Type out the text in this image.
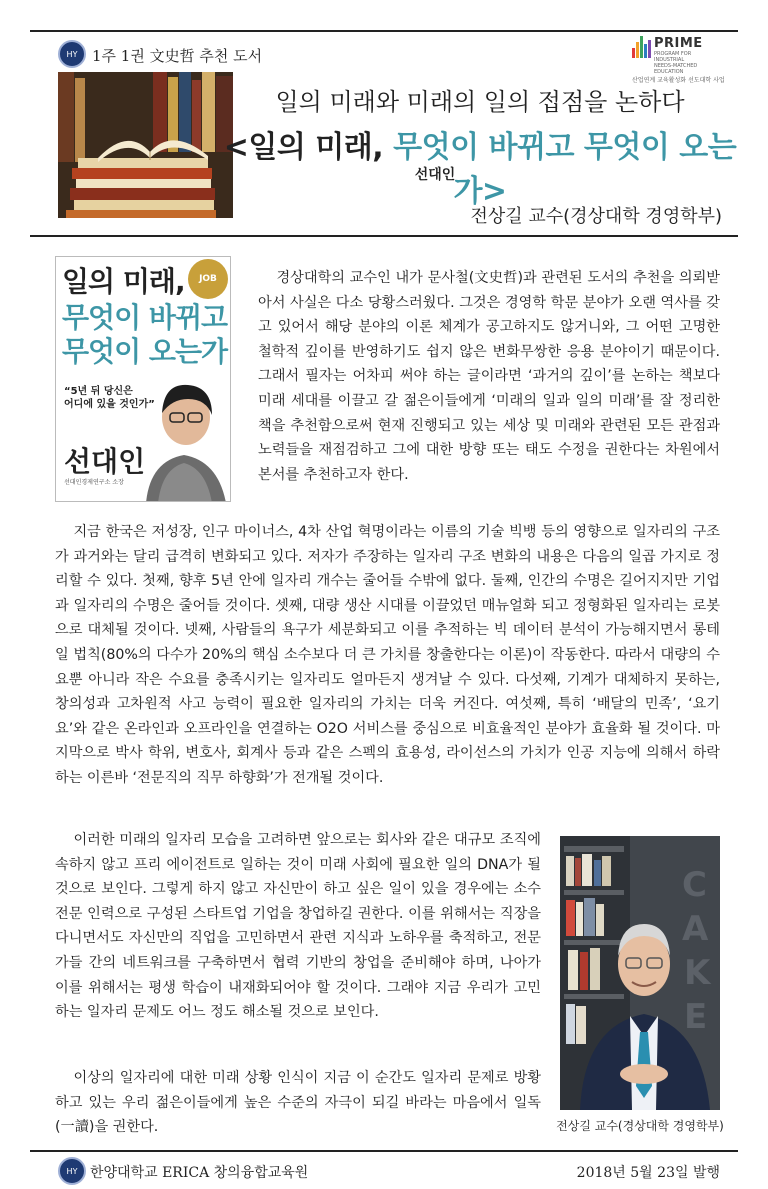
HY 1주 1권 文史哲 추천 도서
PRIME
PROGRAM FOR INDUSTRIAL NEEDS-MATCHED EDUCATION
산업연계 교육활성화 선도대학 사업
일의 미래와 미래의 일의 접점을 논하다
<일의 미래, 무엇이 바뀌고 무엇이 오는가>
선대인
전상길 교수(경상대학 경영학부)
일의 미래,
무엇이 바뀌고
무엇이 오는가
JOB
“5년 뒤 당신은
어디에 있을 것인가”
선대인
선대인경제연구소 소장

경상대학의 교수인 내가 문사철(文史哲)과 관련된 도서의 추천을 의뢰받아서 사실은 다소 당황스러웠다. 그것은 경영학 학문 분야가 오랜 역사를 갖고 있어서 해당 분야의 이론 체계가 공고하지도 않거니와, 그 어떤 고명한 철학적 깊이를 반영하기도 쉽지 않은 변화무쌍한 응용 분야이기 때문이다. 그래서 필자는 어차피 써야 하는 글이라면 ‘과거의 깊이’를 논하는 책보다 미래 세대를 이끌고 갈 젊은이들에게 ‘미래의 일과 일의 미래’를 잘 정리한 책을 추천함으로써 현재 진행되고 있는 세상 및 미래와 관련된 모든 관점과 노력들을 재점검하고 그에 대한 방향 또는 태도 수정을 권한다는 차원에서 본서를 추천하고자 한다.

지금 한국은 저성장, 인구 마이너스, 4차 산업 혁명이라는 이름의 기술 빅뱅 등의 영향으로 일자리의 구조가 과거와는 달리 급격히 변화되고 있다. 저자가 주장하는 일자리 구조 변화의 내용은 다음의 일곱 가지로 정리할 수 있다. 첫째, 향후 5년 안에 일자리 개수는 줄어들 수밖에 없다. 둘째, 인간의 수명은 길어지지만 기업과 일자리의 수명은 줄어들 것이다. 셋째, 대량 생산 시대를 이끌었던 매뉴얼화 되고 정형화된 일자리는 로봇으로 대체될 것이다. 넷째, 사람들의 욕구가 세분화되고 이를 추적하는 빅 데이터 분석이 가능해지면서 롱테일 법칙(80%의 다수가 20%의 핵심 소수보다 더 큰 가치를 창출한다는 이론)이 작동한다. 따라서 대량의 수요뿐 아니라 작은 수요를 충족시키는 일자리도 얼마든지 생겨날 수 있다. 다섯째, 기계가 대체하지 못하는, 창의성과 고차원적 사고 능력이 필요한 일자리의 가치는 더욱 커진다. 여섯째, 특히 ‘배달의 민족’, ‘요기요’와 같은 온라인과 오프라인을 연결하는 O2O 서비스를 중심으로 비효율적인 분야가 효율화 될 것이다. 마지막으로 박사 학위, 변호사, 회계사 등과 같은 스펙의 효용성, 라이선스의 가치가 인공 지능에 의해서 하락하는 이른바 ‘전문직의 직무 하향화’가 전개될 것이다.

이러한 미래의 일자리 모습을 고려하면 앞으로는 회사와 같은 대규모 조직에 속하지 않고 프리 에이전트로 일하는 것이 미래 사회에 필요한 일의 DNA가 될 것으로 보인다. 그렇게 하지 않고 자신만이 하고 싶은 일이 있을 경우에는 소수 전문 인력으로 구성된 스타트업 기업을 창업하길 권한다. 이를 위해서는 직장을 다니면서도 자신만의 직업을 고민하면서 관련 지식과 노하우를 축적하고, 전문가들 간의 네트워크를 구축하면서 협력 기반의 창업을 준비해야 하며, 나아가 이를 위해서는 평생 학습이 내재화되어야 할 것이다. 그래야 지금 우리가 고민하는 일자리 문제도 어느 정도 해소될 것으로 보인다.

이상의 일자리에 대한 미래 상황 인식이 지금 이 순간도 일자리 문제로 방황하고 있는 우리 젊은이들에게 높은 수준의 자극이 되길 바라는 마음에서 일독(一讀)을 권한다.

C
A
K
E
전상길 교수(경상대학 경영학부)
HY 한양대학교 ERICA 창의융합교육원	2018년 5월 23일 발행
